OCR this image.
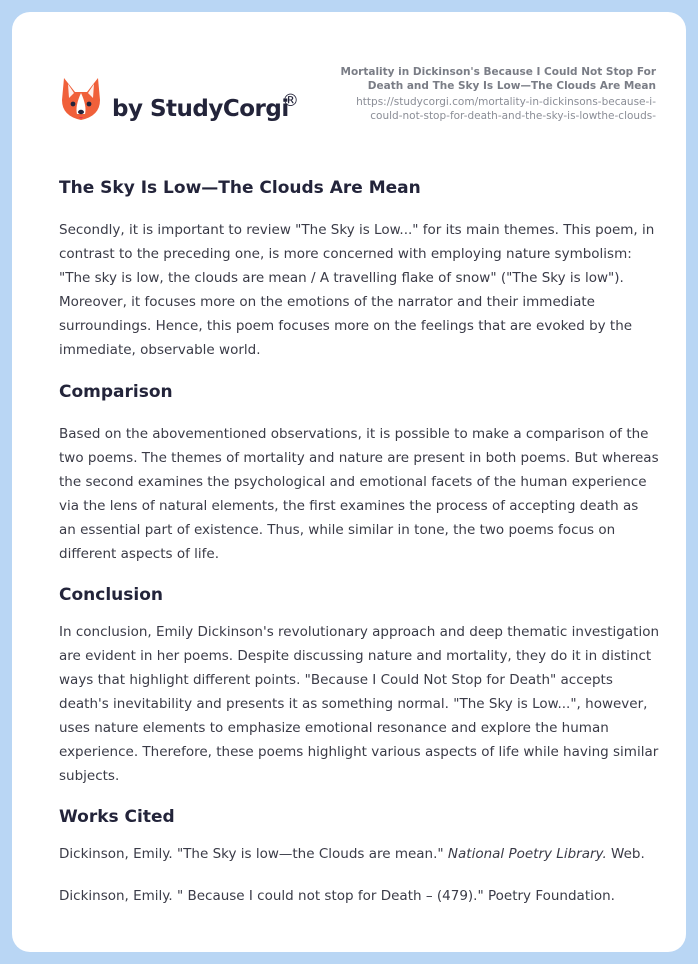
by StudyCorgi
®
Mortality in Dickinson's Because I Could Not Stop For Death and The Sky Is Low—The Clouds Are Mean
https://studycorgi.com/mortality-in-dickinsons-because-i-could-not-stop-for-death-and-the-sky-is-lowthe-clouds-
The Sky Is Low—The Clouds Are Mean

Secondly, it is important to review "The Sky is Low..." for its main themes. This poem, in contrast to the preceding one, is more concerned with employing nature symbolism: "The sky is low, the clouds are mean / A travelling flake of snow" ("The Sky is low"). Moreover, it focuses more on the emotions of the narrator and their immediate surroundings. Hence, this poem focuses more on the feelings that are evoked by the immediate, observable world.

Comparison

Based on the abovementioned observations, it is possible to make a comparison of the two poems. The themes of mortality and nature are present in both poems. But whereas the second examines the psychological and emotional facets of the human experience via the lens of natural elements, the first examines the process of accepting death as an essential part of existence. Thus, while similar in tone, the two poems focus on different aspects of life.

Conclusion

In conclusion, Emily Dickinson's revolutionary approach and deep thematic investigation are evident in her poems. Despite discussing nature and mortality, they do it in distinct ways that highlight different points. "Because I Could Not Stop for Death" accepts death's inevitability and presents it as something normal. "The Sky is Low...", however, uses nature elements to emphasize emotional resonance and explore the human experience. Therefore, these poems highlight various aspects of life while having similar subjects.

Works Cited

Dickinson, Emily. "The Sky is low—the Clouds are mean." National Poetry Library. Web.

Dickinson, Emily. " Because I could not stop for Death – (479)." Poetry Foundation.
